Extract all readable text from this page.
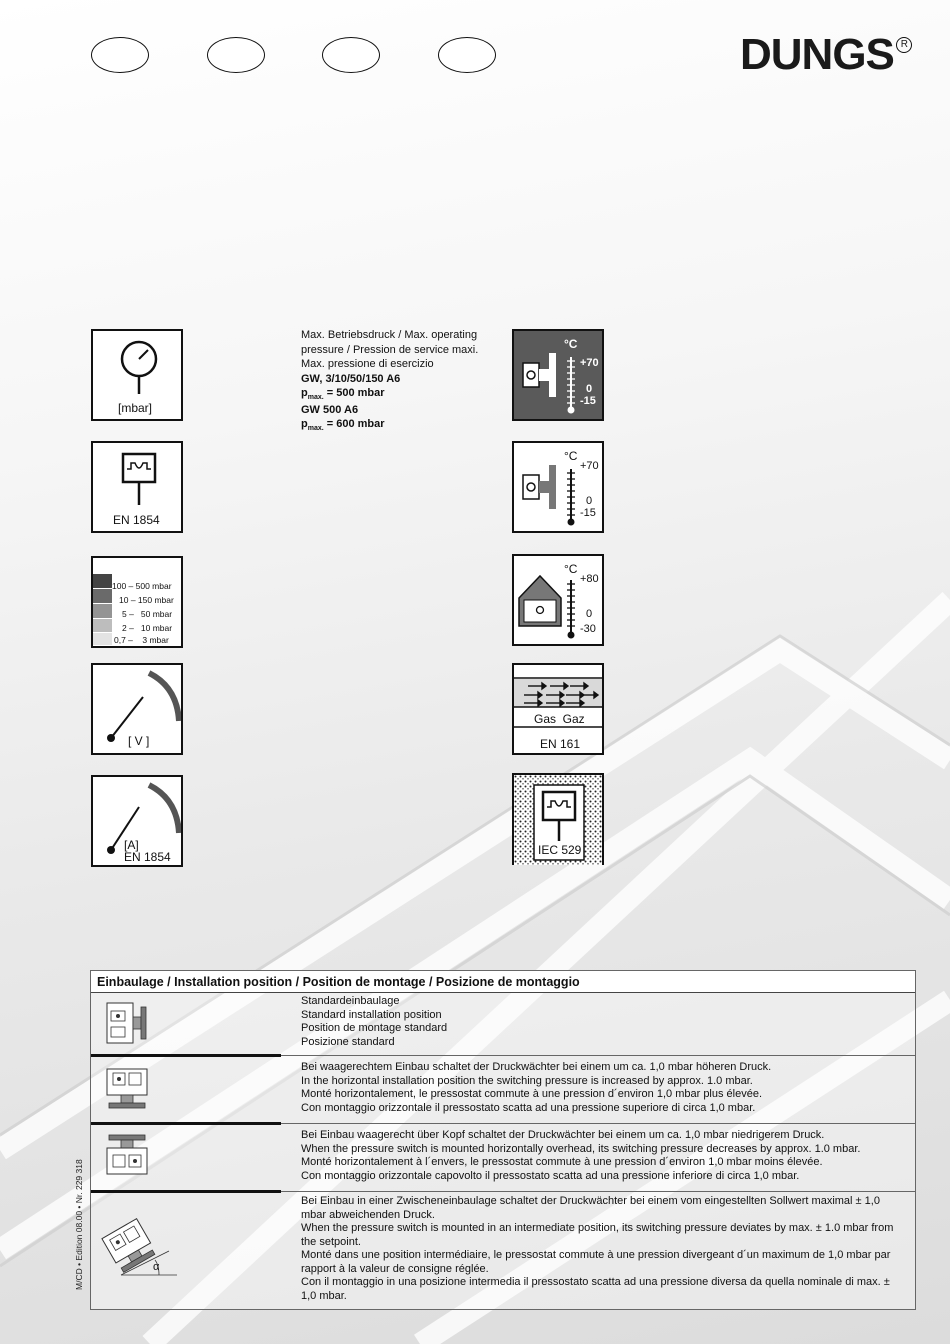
DUNGS $^R$
[mbar]
EN 1854
100 – 500 mbar
10 – 150 mbar
5 –   50 mbar
2 –   10 mbar
0,7 –    3 mbar
[ V ]
[A]
EN 1854
Max. Betriebsdruck / Max. operating
pressure / Pression de service maxi.
Max. pressione di esercizio
GW, 3/10/50/150 A6
$p_{max.} = 500$ mbar
GW 500 A6
$p_{max.} = 600$ mbar
°C
+70
0
-15
°C
+70
0
-15
°C
+80
0
-30
Gas  Gaz
EN 161
IEC 529
Einbaulage / Installation position / Position de montage / Posizione de montaggio
Standardeinbaulage
Standard installation position
Position de montage standard
Posizione standard
Bei waagerechtem Einbau schaltet der Druckwächter bei einem um ca. 1,0 mbar höheren Druck.
In the horizontal installation position the switching pressure is increased by approx. 1.0 mbar.
Monté horizontalement, le pressostat commute à une pression d´environ 1,0 mbar plus élevée.
Con montaggio orizzontale il pressostato scatta ad una pressione superiore di circa 1,0 mbar.
Bei Einbau waagerecht über Kopf schaltet der Druckwächter bei einem um ca. 1,0 mbar niedrigerem Druck.
When the pressure switch is mounted horizontally overhead, its switching pressure decreases by approx. 1.0 mbar.
Monté horizontalement à l´envers, le pressostat commute à une pression d´environ 1,0 mbar moins élevée.
Con montaggio orizzontale capovolto il pressostato scatta ad una pressione inferiore di circa 1,0 mbar.
α
Bei Einbau in einer Zwischeneinbaulage schaltet der Druckwächter bei einem vom eingestellten Sollwert maximal ± 1,0 mbar abweichenden Druck.
When the pressure switch is mounted in an intermediate position, its switching pressure deviates by max. ± 1.0 mbar from the setpoint.
Monté dans une position intermédiaire, le pressostat commute à une pression divergeant d´un maximum de 1,0 mbar par rapport à la valeur de consigne réglée.
Con il montaggio in una posizione intermedia il pressostato scatta ad una pressione diversa da quella nominale di max. ± 1,0 mbar.
M/CD • Edition 08.00 • Nr. 229 318
